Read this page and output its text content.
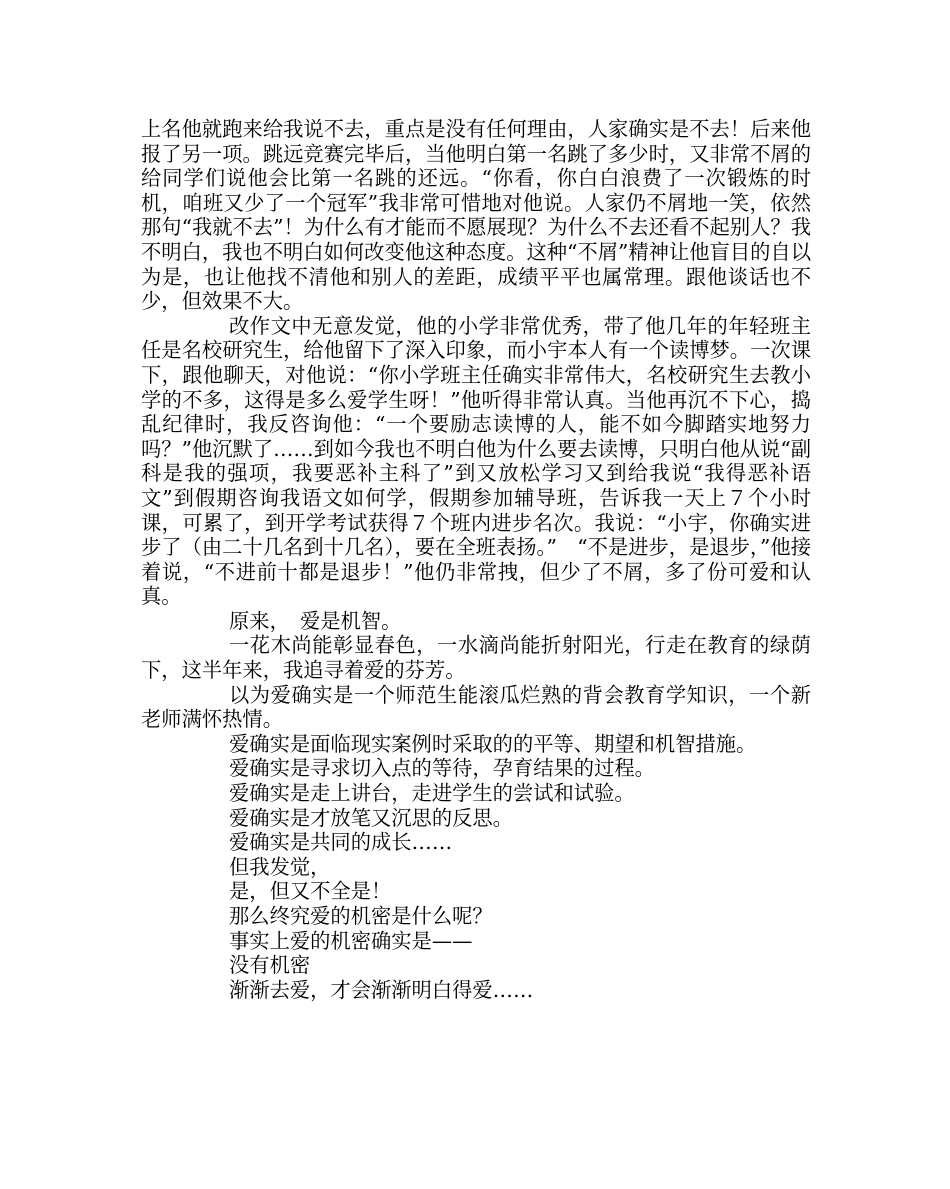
上名他就跑来给我说不去，重点是没有任何理由，人家确实是不去！后来他报了另一项。跳远竞赛完毕后，当他明白第一名跳了多少时，又非常不屑的给同学们说他会比第一名跳的还远。“你看，你白白浪费了一次锻炼的时机，咱班又少了一个冠军”我非常可惜地对他说。人家仍不屑地一笑，依然那句“我就不去”！为什么有才能而不愿展现？为什么不去还看不起别人？我不明白，我也不明白如何改变他这种态度。这种“不屑”精神让他盲目的自以为是，也让他找不清他和别人的差距，成绩平平也属常理。跟他谈话也不少，但效果不大。

改作文中无意发觉，他的小学非常优秀，带了他几年的年轻班主任是名校研究生，给他留下了深入印象，而小宇本人有一个读博梦。一次课下，跟他聊天，对他说：“你小学班主任确实非常伟大，名校研究生去教小学的不多，这得是多么爱学生呀！”他听得非常认真。当他再沉不下心，捣乱纪律时，我反咨询他：“一个要励志读博的人，能不如今脚踏实地努力吗？”他沉默了……到如今我也不明白他为什么要去读博，只明白他从说“副科是我的强项，我要恶补主科了”到又放松学习又到给我说“我得恶补语文”到假期咨询我语文如何学，假期参加辅导班，告诉我一天上７个小时课，可累了，到开学考试获得７个班内进步名次。我说：“小宇，你确实进步了（由二十几名到十几名），要在全班表扬。”　“不是进步，是退步，”他接着说，“不进前十都是退步！”他仍非常拽，但少了不屑，多了份可爱和认真。

原来，　爱是机智。

一花木尚能彰显春色，一水滴尚能折射阳光，行走在教育的绿荫下，这半年来，我追寻着爱的芬芳。

以为爱确实是一个师范生能滚瓜烂熟的背会教育学知识，一个新老师满怀热情。

爱确实是面临现实案例时采取的的平等、期望和机智措施。

爱确实是寻求切入点的等待，孕育结果的过程。

爱确实是走上讲台，走进学生的尝试和试验。

爱确实是才放笔又沉思的反思。

爱确实是共同的成长……

但我发觉，

是，但又不全是！

那么终究爱的机密是什么呢？

事实上爱的机密确实是——

没有机密

渐渐去爱，才会渐渐明白得爱……
